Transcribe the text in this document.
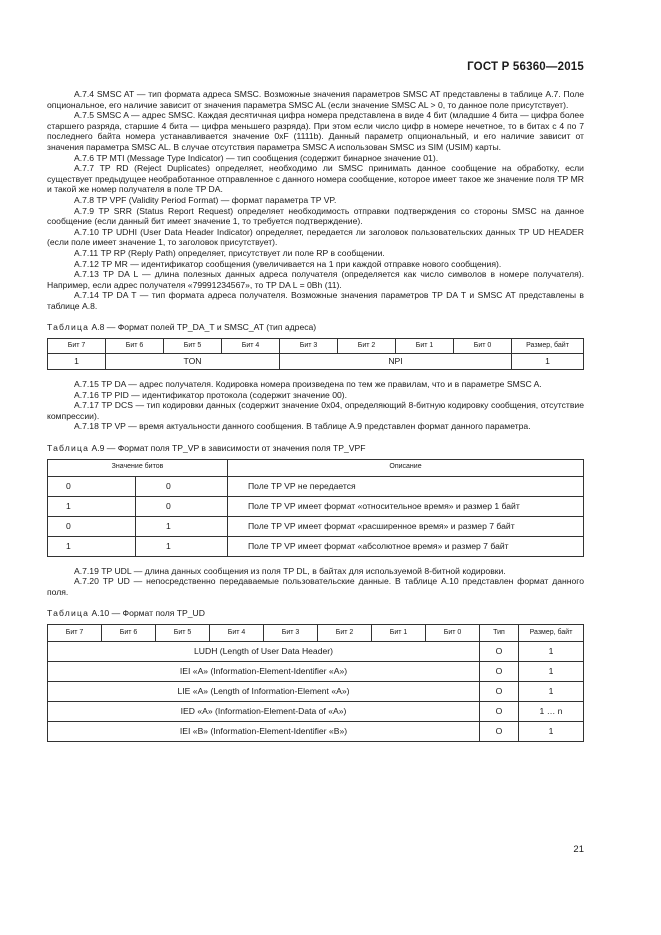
ГОСТ Р 56360—2015

А.7.4 SMSC AT — тип формата адреса SMSC. Возможные значения параметров SMSC AT представлены в таблице А.7. Поле опциональное, его наличие зависит от значения параметра SMSC AL (если значение SMSC AL > 0, то данное поле присутствует).

А.7.5 SMSC A — адрес SMSC. Каждая десятичная цифра номера представлена в виде 4 бит (младшие 4 бита — цифра более старшего разряда, старшие 4 бита — цифра меньшего разряда). При этом если число цифр в номере нечетное, то в битах с 4 по 7 последнего байта номера устанавливается значение 0xF (1111b). Данный параметр опциональный, и его наличие зависит от значения параметра SMSC AL. В случае отсутствия параметра SMSC A использован SMSC из SIM (USIM) карты.

А.7.6 TP MTI (Message Type Indicator) — тип сообщения (содержит бинарное значение 01).

А.7.7 TP RD (Reject Duplicates) определяет, необходимо ли SMSC принимать данное сообщение на обработку, если существует предыдущее необработанное отправленное с данного номера сообщение, которое имеет такое же значение поля TP MR и такой же номер получателя в поле TP DA.

А.7.8 TP VPF (Validity Period Format) — формат параметра TP VP.

А.7.9 TP SRR (Status Report Request) определяет необходимость отправки подтверждения со стороны SMSC на данное сообщение (если данный бит имеет значение 1, то требуется подтверждение).

А.7.10 TP UDHI (User Data Header Indicator) определяет, передается ли заголовок пользовательских данных TP UD HEADER (если поле имеет значение 1, то заголовок присутствует).

А.7.11 TP RP (Reply Path) определяет, присутствует ли поле RP в сообщении.

А.7.12 TP MR — идентификатор сообщения (увеличивается на 1 при каждой отправке нового сообщения).

А.7.13 TP DA L — длина полезных данных адреса получателя (определяется как число символов в номере получателя). Например, если адрес получателя «79991234567», то TP DA L = 0Bh (11).

А.7.14 TP DA T — тип формата адреса получателя. Возможные значения параметров TP DA T и SMSC AT представлены в таблице А.8.

Таблица А.8 — Формат полей TP_DA_T и SMSC_AT (тип адреса)

Бит 7	Бит 6	Бит 5	Бит 4	Бит 3	Бит 2	Бит 1	Бит 0	Размер, байт
1	TON			NPI				1

А.7.15 TP DA — адрес получателя. Кодировка номера произведена по тем же правилам, что и в параметре SMSC A.

А.7.16 TP PID — идентификатор протокола (содержит значение 00).

А.7.17 TP DCS — тип кодировки данных (содержит значение 0x04, определяющий 8-битную кодировку сообщения, отсутствие компрессии).

А.7.18 TP VP — время актуальности данного сообщения. В таблице А.9 представлен формат данного параметра.

Таблица А.9 — Формат поля TP_VP в зависимости от значения поля TP_VPF

Значение битов		Описание
0	0	Поле TP VP не передается
1	0	Поле TP VP имеет формат «относительное время» и размер 1 байт
0	1	Поле TP VP имеет формат «расширенное время» и размер 7 байт
1	1	Поле TP VP имеет формат «абсолютное время» и размер 7 байт

А.7.19 TP UDL — длина данных сообщения из поля TP DL, в байтах для используемой 8-битной кодировки.

А.7.20 TP UD — непосредственно передаваемые пользовательские данные. В таблице А.10 представлен формат данного поля.

Таблица А.10 — Формат поля TP_UD

Бит 7	Бит 6	Бит 5	Бит 4	Бит 3	Бит 2	Бит 1	Бит 0	Тип	Размер, байт
LUDH (Length of User Data Header)								O	1
IEI «A» (Information-Element-Identifier «A»)								O	1
LIE «A» (Length of Information-Element «A»)								O	1
IED «A» (Information-Element-Data of «A»)								O	1 … n
IEI «B» (Information-Element-Identifier «B»)								O	1
21
